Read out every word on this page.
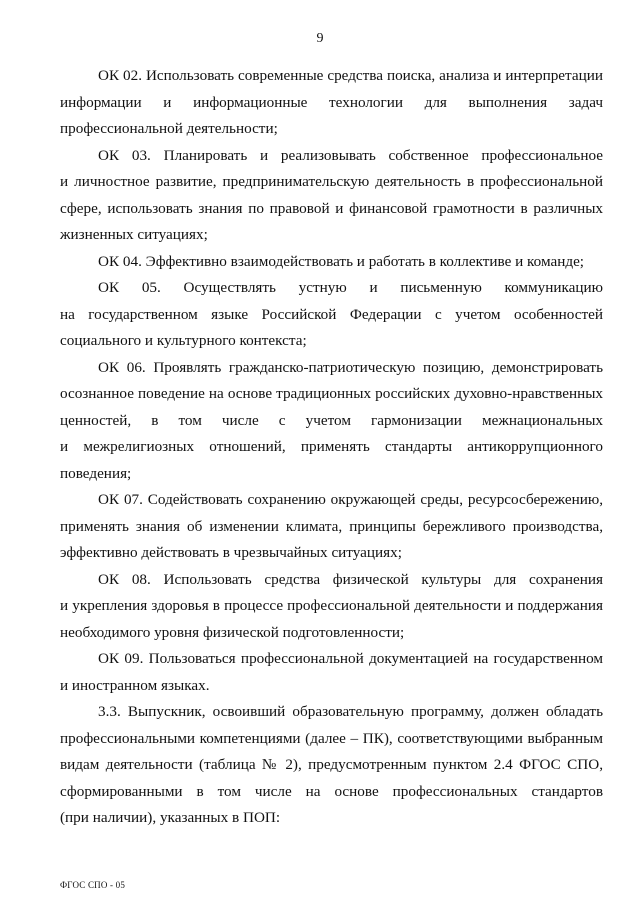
9
ОК 02. Использовать современные средства поиска, анализа и интерпретации
информации и информационные технологии для выполнения задач
профессиональной деятельности;
ОК 03. Планировать и реализовывать собственное профессиональное
и личностное развитие, предпринимательскую деятельность в профессиональной
сфере, использовать знания по правовой и финансовой грамотности в различных
жизненных ситуациях;
ОК 04. Эффективно взаимодействовать и работать в коллективе и команде;
ОК 05. Осуществлять устную и письменную коммуникацию
на государственном языке Российской Федерации с учетом особенностей
социального и культурного контекста;
ОК 06. Проявлять гражданско-патриотическую позицию, демонстрировать
осознанное поведение на основе традиционных российских духовно-нравственных
ценностей, в том числе с учетом гармонизации межнациональных
и межрелигиозных отношений, применять стандарты антикоррупционного
поведения;
ОК 07. Содействовать сохранению окружающей среды, ресурсосбережению,
применять знания об изменении климата, принципы бережливого производства,
эффективно действовать в чрезвычайных ситуациях;
ОК 08. Использовать средства физической культуры для сохранения
и укрепления здоровья в процессе профессиональной деятельности и поддержания
необходимого уровня физической подготовленности;
ОК 09. Пользоваться профессиональной документацией на государственном
и иностранном языках.
3.3. Выпускник, освоивший образовательную программу, должен обладать
профессиональными компетенциями (далее – ПК), соответствующими выбранным
видам деятельности (таблица № 2), предусмотренным пунктом 2.4 ФГОС СПО,
сформированными в том числе на основе профессиональных стандартов
(при наличии), указанных в ПОП:
ФГОС СПО - 05
